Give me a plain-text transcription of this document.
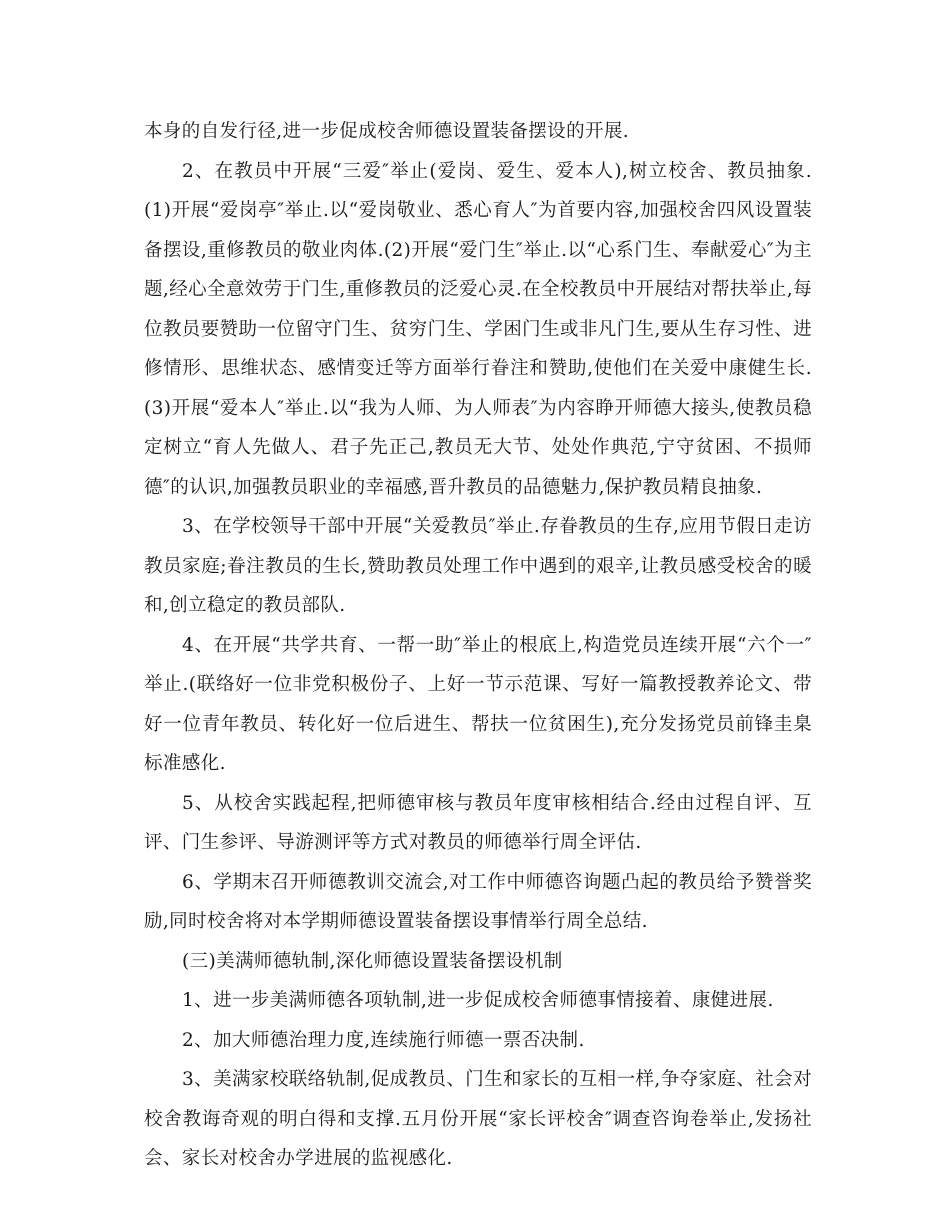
本身的自发行径,进一步促成校舍师德设置装备摆设的开展.

2、在教员中开展“三爱″举止(爱岗、爱生、爱本人),树立校舍、教员抽象.(1)开展“爱岗亭″举止.以“爱岗敬业、悉心育人″为首要内容,加强校舍四风设置装备摆设,重修教员的敬业肉体.(2)开展“爱门生″举止.以“心系门生、奉献爱心″为主题,经心全意效劳于门生,重修教员的泛爱心灵.在全校教员中开展结对帮扶举止,每位教员要赞助一位留守门生、贫穷门生、学困门生或非凡门生,要从生存习性、进修情形、思维状态、感情变迁等方面举行眷注和赞助,使他们在关爱中康健生长.(3)开展“爱本人″举止.以“我为人师、为人师表″为内容睁开师德大接头,使教员稳定树立“育人先做人、君子先正己,教员无大节、处处作典范,宁守贫困、不损师德″的认识,加强教员职业的幸福感,晋升教员的品德魅力,保护教员精良抽象.

3、在学校领导干部中开展“关爱教员″举止.存眷教员的生存,应用节假日走访教员家庭;眷注教员的生长,赞助教员处理工作中遇到的艰辛,让教员感受校舍的暖和,创立稳定的教员部队.

4、在开展“共学共育、一帮一助″举止的根底上,构造党员连续开展“六个一″举止.(联络好一位非党积极份子、上好一节示范课、写好一篇教授教养论文、带好一位青年教员、转化好一位后进生、帮扶一位贫困生),充分发扬党员前锋圭臬标准感化.

5、从校舍实践起程,把师德审核与教员年度审核相结合.经由过程自评、互评、门生参评、导游测评等方式对教员的师德举行周全评估.

6、学期末召开师德教训交流会,对工作中师德咨询题凸起的教员给予赞誉奖励,同时校舍将对本学期师德设置装备摆设事情举行周全总结.

(三)美满师德轨制,深化师德设置装备摆设机制

1、进一步美满师德各项轨制,进一步促成校舍师德事情接着、康健进展.

2、加大师德治理力度,连续施行师德一票否决制.

3、美满家校联络轨制,促成教员、门生和家长的互相一样,争夺家庭、社会对校舍教诲奇观的明白得和支撑.五月份开展“家长评校舍″调查咨询卷举止,发扬社会、家长对校舍办学进展的监视感化.
